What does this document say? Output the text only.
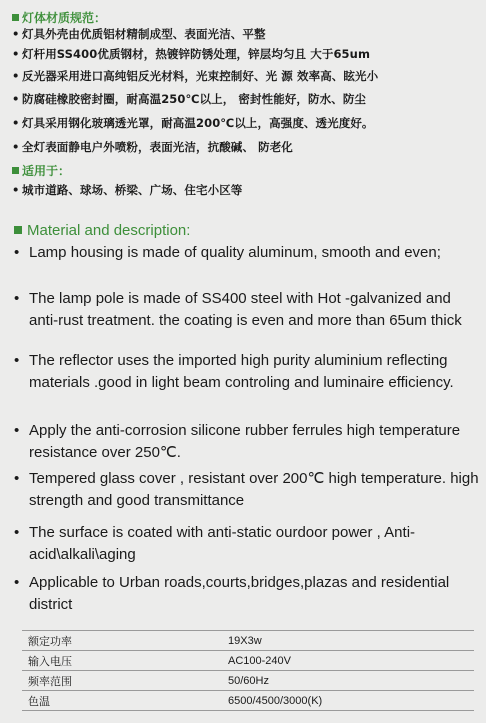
灯体材质规范：
• 灯具外壳由优质铝材精制成型、表面光洁、平整
• 灯杆用SS400优质钢材，热镀锌防锈处理，锌层均匀且 大于65um
• 反光器采用进口高纯铝反光材料，光束控制好、光 源 效率高、眩光小
• 防腐硅橡胶密封圈，耐高温250℃以上， 密封性能好，防水、防尘
• 灯具采用钢化玻璃透光罩，耐高温200℃以上，高强度、透光度好。
• 全灯表面静电户外喷粉，表面光洁，抗酸碱、 防老化
适用于：
• 城市道路、球场、桥梁、广场、住宅小区等
Material and description:
• Lamp housing is made of quality aluminum, smooth and even;
• The lamp pole is made of SS400 steel with Hot -galvanized and anti-rust treatment. the coating is even and more than 65um thick
• The reflector uses the imported high purity aluminium reflecting materials .good in light beam controling and luminaire efficiency.
• Apply the anti-corrosion silicone rubber ferrules high temperature resistance over 250℃.
• Tempered glass cover , resistant over 200℃ high temperature. high strength and good transmittance
• The surface is coated with anti-static ourdoor power , Anti-acid\alkali\aging
• Applicable to Urban roads,courts,bridges,plazas and residential district
额定功率	19X3w
输入电压	AC100-240V
频率范围	50/60Hz
色温	6500/4500/3000(K)
